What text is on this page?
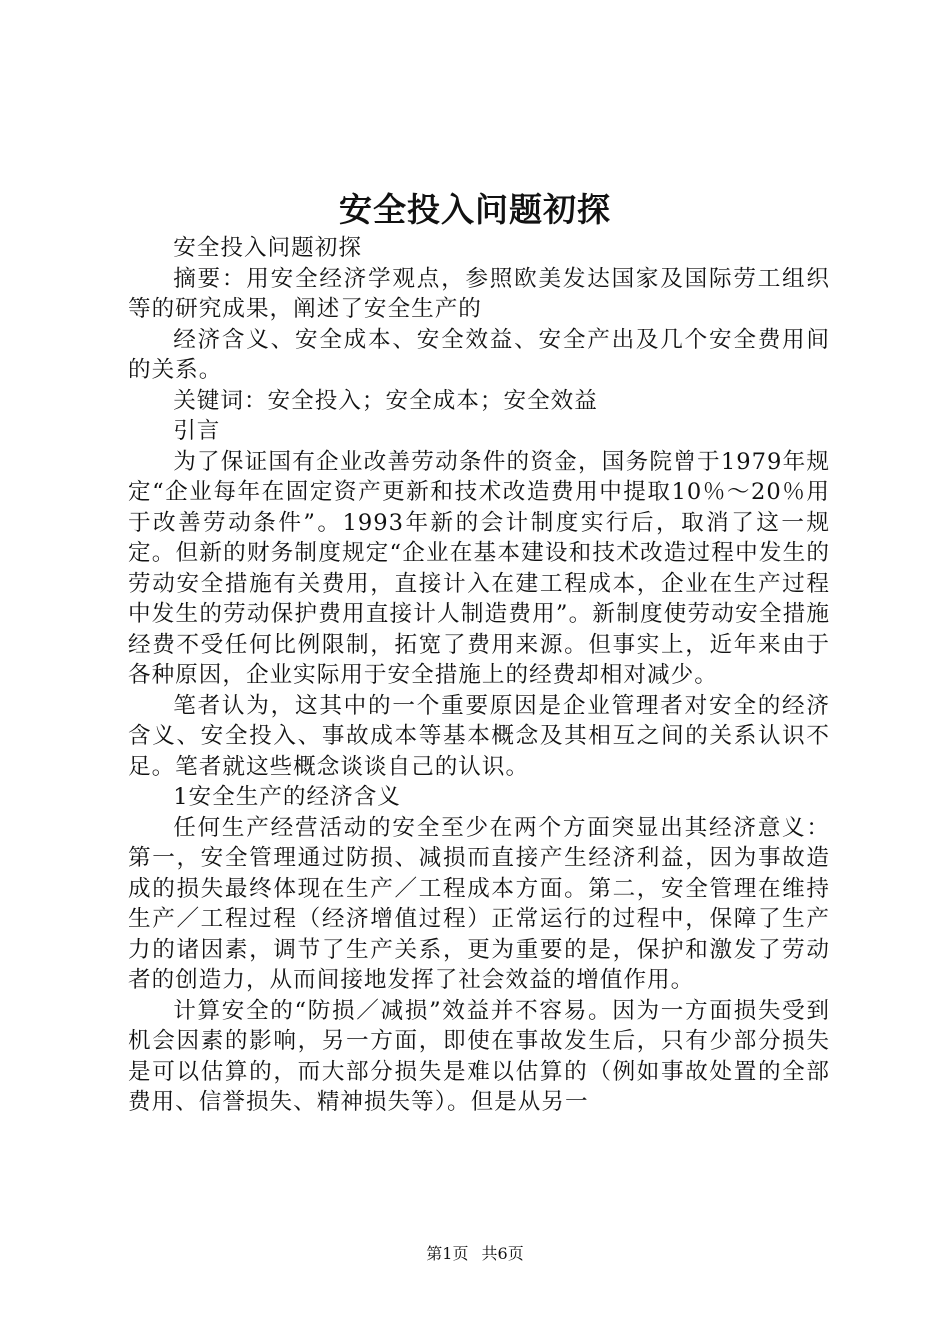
安全投入问题初探

安全投入问题初探

摘要：用安全经济学观点，参照欧美发达国家及国际劳工组织等的研究成果，阐述了安全生产的

经济含义、安全成本、安全效益、安全产出及几个安全费用间的关系。

关键词：安全投入；安全成本；安全效益

引言

为了保证国有企业改善劳动条件的资金，国务院曾于1979年规定“企业每年在固定资产更新和技术改造费用中提取10％～20％用于改善劳动条件”。1993年新的会计制度实行后，取消了这一规定。但新的财务制度规定“企业在基本建设和技术改造过程中发生的劳动安全措施有关费用，直接计入在建工程成本，企业在生产过程中发生的劳动保护费用直接计人制造费用”。新制度使劳动安全措施经费不受任何比例限制，拓宽了费用来源。但事实上，近年来由于各种原因，企业实际用于安全措施上的经费却相对减少。

笔者认为，这其中的一个重要原因是企业管理者对安全的经济含义、安全投入、事故成本等基本概念及其相互之间的关系认识不足。笔者就这些概念谈谈自己的认识。

1安全生产的经济含义

任何生产经营活动的安全至少在两个方面突显出其经济意义：第一，安全管理通过防损、减损而直接产生经济利益，因为事故造成的损失最终体现在生产／工程成本方面。第二，安全管理在维持生产／工程过程（经济增值过程）正常运行的过程中，保障了生产力的诸因素，调节了生产关系，更为重要的是，保护和激发了劳动者的创造力，从而间接地发挥了社会效益的增值作用。

计算安全的“防损／减损”效益并不容易。因为一方面损失受到机会因素的影响，另一方面，即使在事故发生后，只有少部分损失是可以估算的，而大部分损失是难以估算的（例如事故处置的全部费用、信誉损失、精神损失等）。但是从另一

第1页 共6页
